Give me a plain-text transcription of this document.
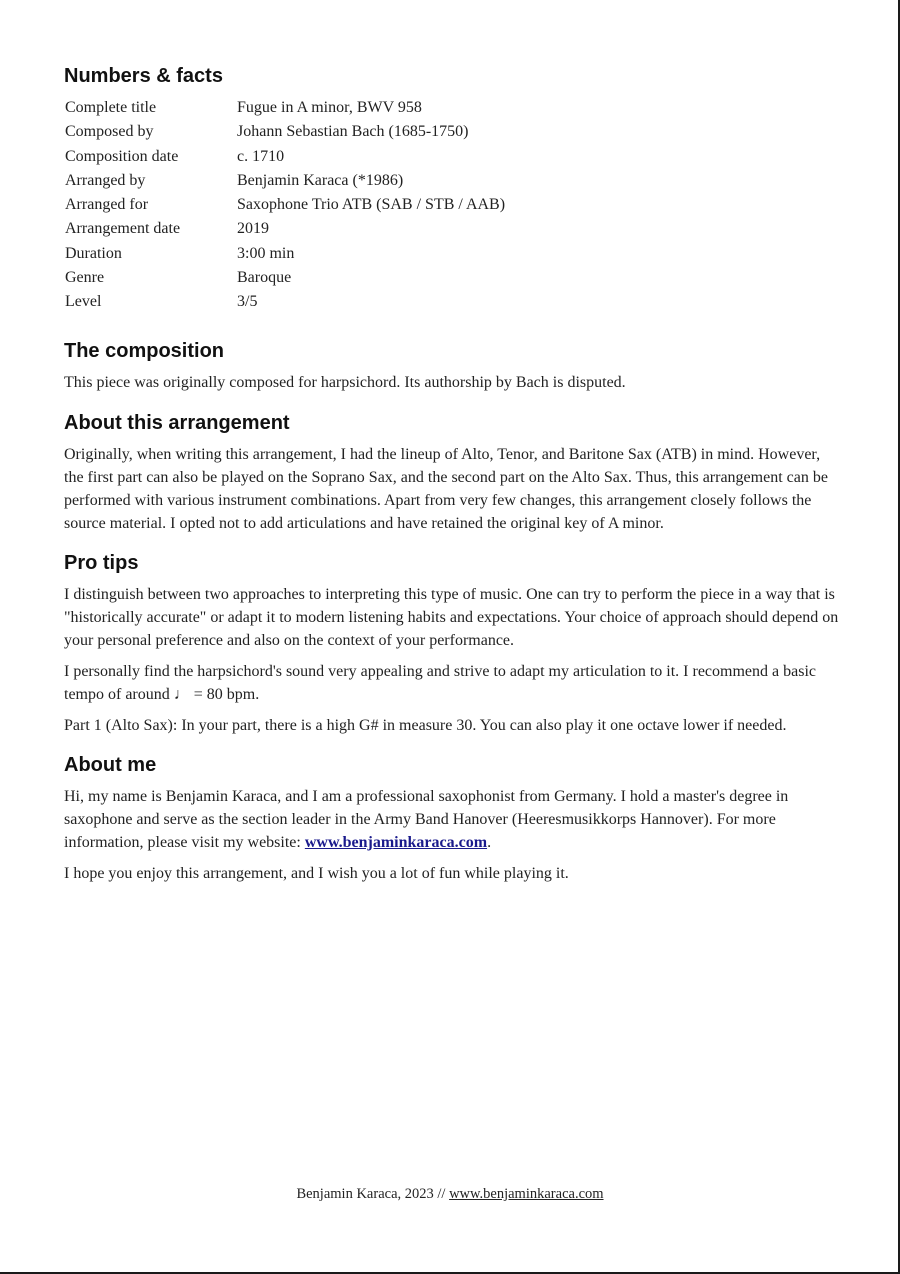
Numbers & facts
Complete title	Fugue in A minor, BWV 958
Composed by	Johann Sebastian Bach (1685-1750)
Composition date	c. 1710
Arranged by	Benjamin Karaca (*1986)
Arranged for	Saxophone Trio ATB (SAB / STB / AAB)
Arrangement date	2019
Duration	3:00 min
Genre	Baroque
Level	3/5
The composition

This piece was originally composed for harpsichord. Its authorship by Bach is disputed.

About this arrangement

Originally, when writing this arrangement, I had the lineup of Alto, Tenor, and Baritone Sax (ATB) in mind. However, the first part can also be played on the Soprano Sax, and the second part on the Alto Sax. Thus, this arrangement can be performed with various instrument combinations. Apart from very few changes, this arrangement closely follows the source material. I opted not to add articulations and have retained the original key of A minor.

Pro tips

I distinguish between two approaches to interpreting this type of music. One can try to perform the piece in a way that is "historically accurate" or adapt it to modern listening habits and expectations. Your choice of approach should depend on your personal preference and also on the context of your performance.

I personally find the harpsichord's sound very appealing and strive to adapt my articulation to it. I recommend a basic tempo of around ♩ = 80 bpm.

Part 1 (Alto Sax): In your part, there is a high G# in measure 30. You can also play it one octave lower if needed.

About me

Hi, my name is Benjamin Karaca, and I am a professional saxophonist from Germany. I hold a master's degree in saxophone and serve as the section leader in the Army Band Hanover (Heeresmusikkorps Hannover). For more information, please visit my website: www.benjaminkaraca.com.

I hope you enjoy this arrangement, and I wish you a lot of fun while playing it.

Benjamin Karaca, 2023 // www.benjaminkaraca.com
